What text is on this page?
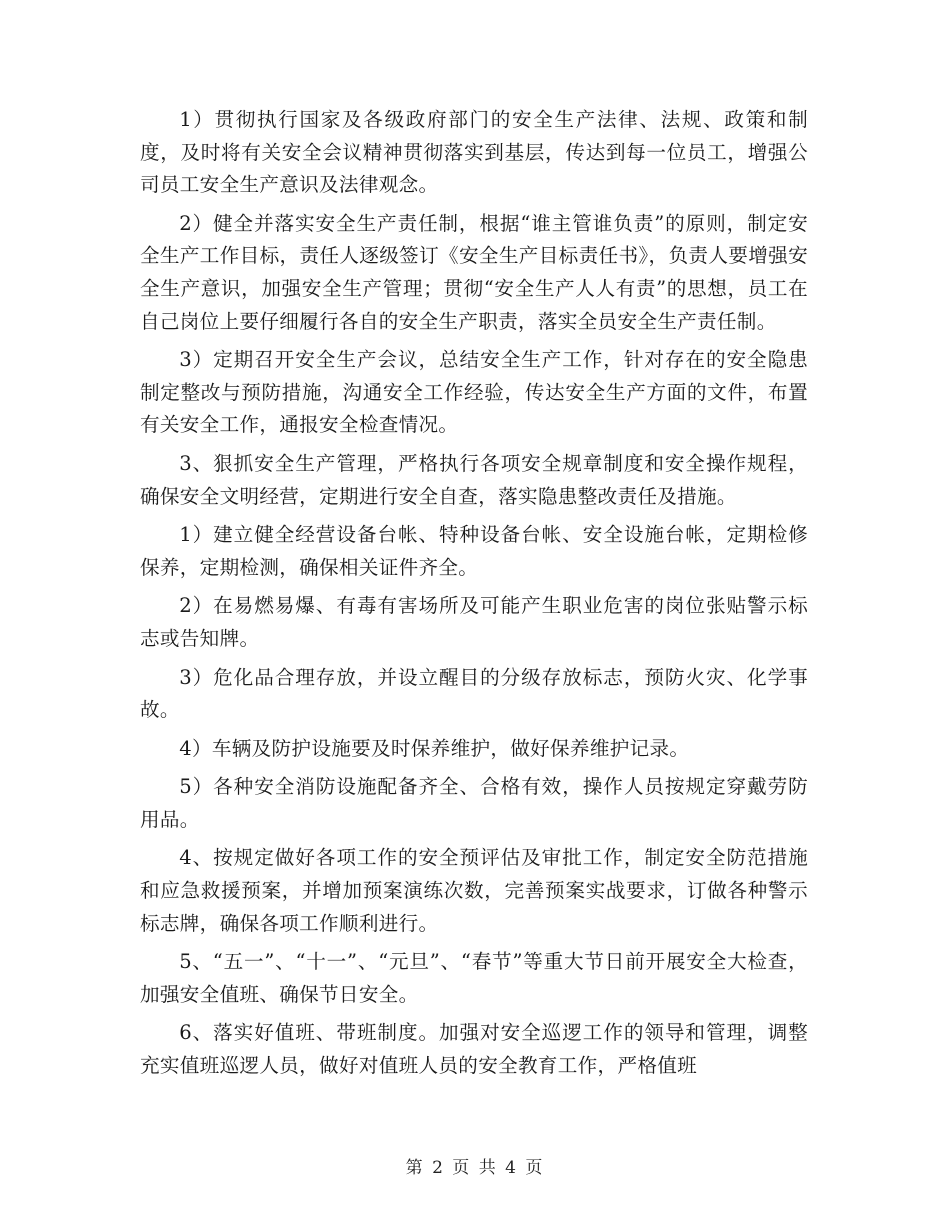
1）贯彻执行国家及各级政府部门的安全生产法律、法规、政策和制度，及时将有关安全会议精神贯彻落实到基层，传达到每一位员工，增强公司员工安全生产意识及法律观念。

2）健全并落实安全生产责任制，根据“谁主管谁负责”的原则，制定安全生产工作目标，责任人逐级签订《安全生产目标责任书》，负责人要增强安全生产意识，加强安全生产管理；贯彻“安全生产人人有责”的思想，员工在自己岗位上要仔细履行各自的安全生产职责，落实全员安全生产责任制。

3）定期召开安全生产会议，总结安全生产工作，针对存在的安全隐患制定整改与预防措施，沟通安全工作经验，传达安全生产方面的文件，布置有关安全工作，通报安全检查情况。

3、狠抓安全生产管理，严格执行各项安全规章制度和安全操作规程，确保安全文明经营，定期进行安全自查，落实隐患整改责任及措施。

1）建立健全经营设备台帐、特种设备台帐、安全设施台帐，定期检修保养，定期检测，确保相关证件齐全。

2）在易燃易爆、有毒有害场所及可能产生职业危害的岗位张贴警示标志或告知牌。

3）危化品合理存放，并设立醒目的分级存放标志，预防火灾、化学事故。

4）车辆及防护设施要及时保养维护，做好保养维护记录。

5）各种安全消防设施配备齐全、合格有效，操作人员按规定穿戴劳防用品。

4、按规定做好各项工作的安全预评估及审批工作，制定安全防范措施和应急救援预案，并增加预案演练次数，完善预案实战要求，订做各种警示标志牌，确保各项工作顺利进行。

5、“五一”、“十一”、“元旦”、“春节”等重大节日前开展安全大检查，加强安全值班、确保节日安全。

6、落实好值班、带班制度。加强对安全巡逻工作的领导和管理，调整充实值班巡逻人员，做好对值班人员的安全教育工作，严格值班

第 2 页 共 4 页
